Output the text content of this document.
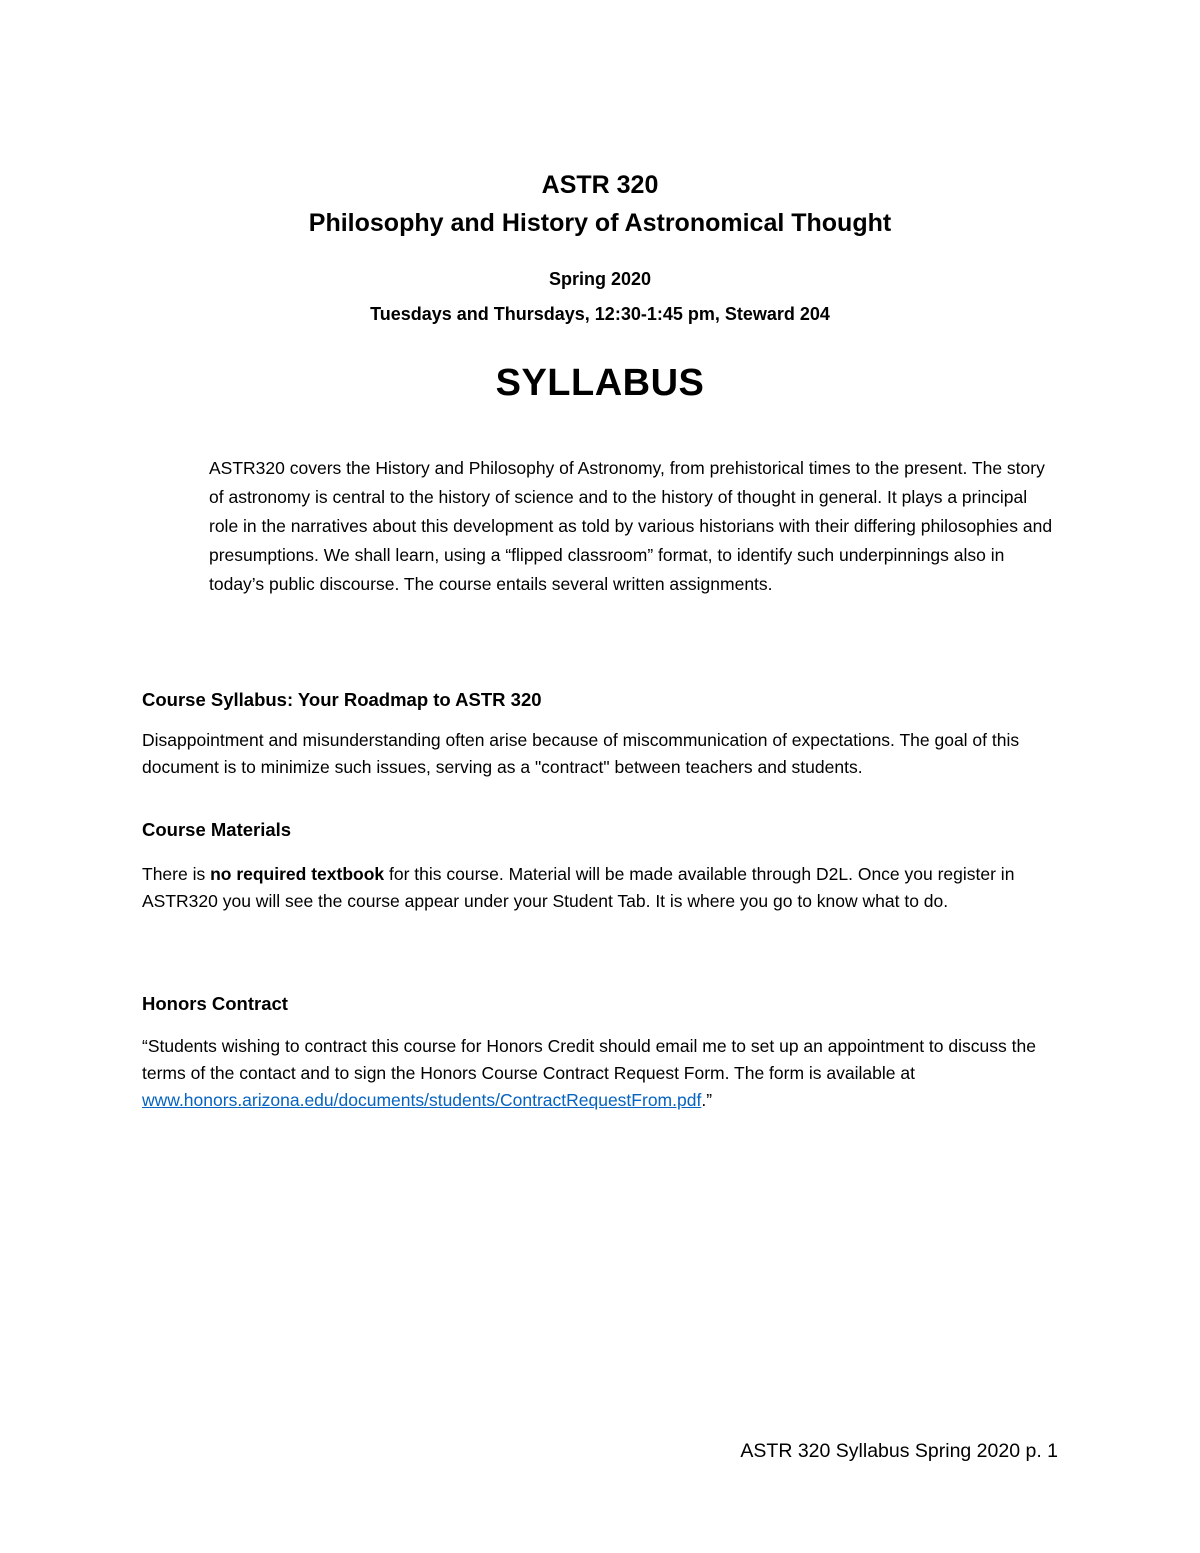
ASTR 320
Philosophy and History of Astronomical Thought
Spring 2020
Tuesdays and Thursdays, 12:30-1:45 pm, Steward 204
SYLLABUS
ASTR320 covers the History and Philosophy of Astronomy, from prehistorical times to the present. The story of astronomy is central to the history of science and to the history of thought in general. It plays a principal role in the narratives about this development as told by various historians with their differing philosophies and presumptions. We shall learn, using a “flipped classroom” format, to identify such underpinnings also in today’s public discourse. The course entails several written assignments.
Course Syllabus: Your Roadmap to ASTR 320
Disappointment and misunderstanding often arise because of miscommunication of expectations. The goal of this document is to minimize such issues, serving as a "contract" between teachers and students.
Course Materials
There is no required textbook for this course. Material will be made available through D2L. Once you register in ASTR320 you will see the course appear under your Student Tab. It is where you go to know what to do.
Honors Contract
“Students wishing to contract this course for Honors Credit should email me to set up an appointment to discuss the terms of the contact and to sign the Honors Course Contract Request Form. The form is available at www.honors.arizona.edu/documents/students/ContractRequestFrom.pdf.”
ASTR 320 Syllabus Spring 2020 p. 1
